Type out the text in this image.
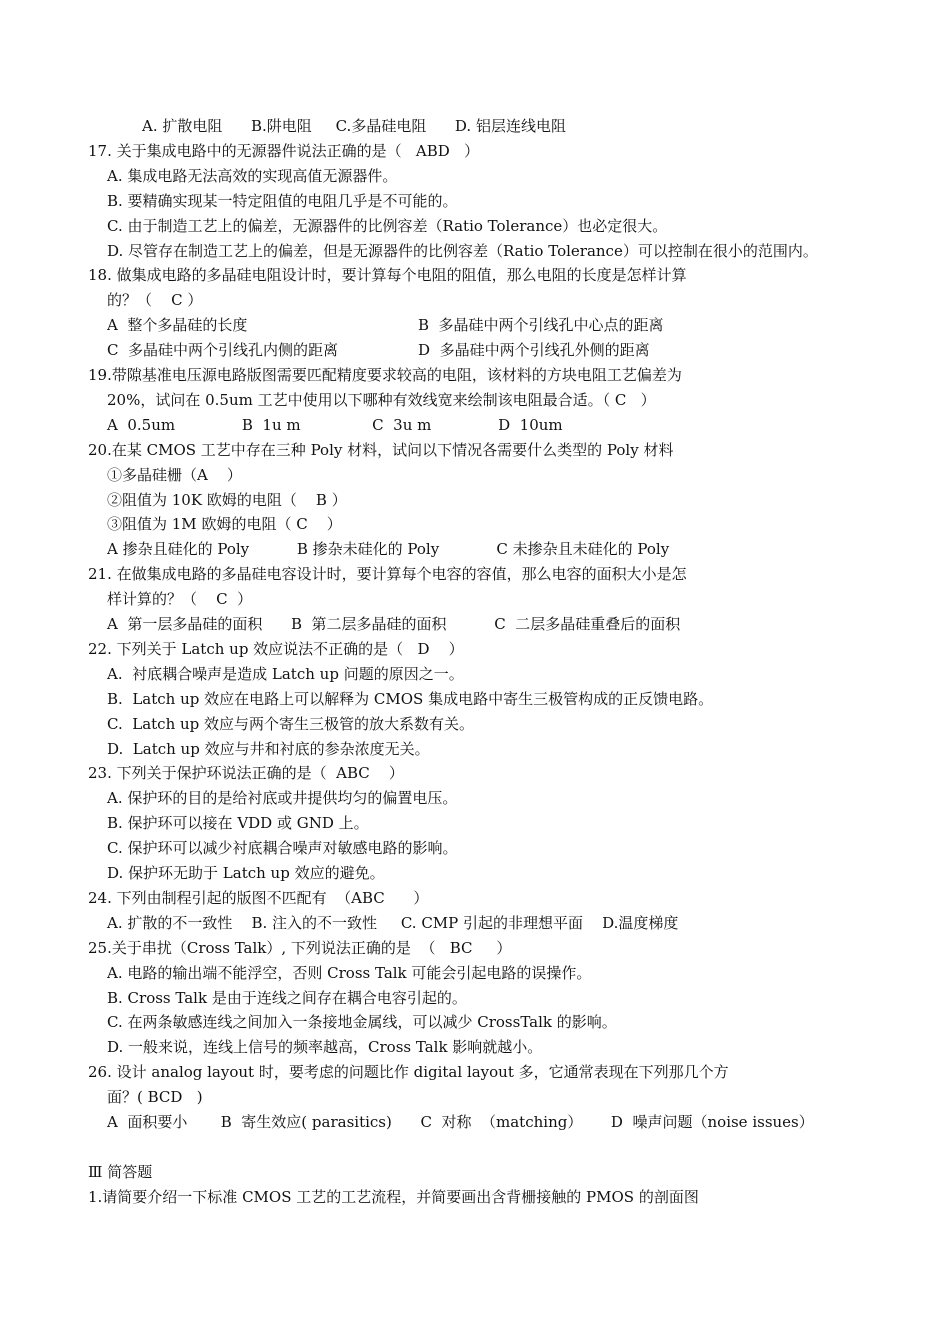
A. 扩散电阻      B.阱电阻     C.多晶硅电阻      D. 铝层连线电阻
17. 关于集成电路中的无源器件说法正确的是（   ABD   ）
A. 集成电路无法高效的实现高值无源器件。
B. 要精确实现某一特定阻值的电阻几乎是不可能的。
C. 由于制造工艺上的偏差，无源器件的比例容差（Ratio Tolerance）也必定很大。
D. 尽管存在制造工艺上的偏差，但是无源器件的比例容差（Ratio Tolerance）可以控制在很小的范围内。
18. 做集成电路的多晶硅电阻设计时，要计算每个电阻的阻值，那么电阻的长度是怎样计算
的？（    C ）
A  整个多晶硅的长度	B  多晶硅中两个引线孔中心点的距离
C  多晶硅中两个引线孔内侧的距离	D  多晶硅中两个引线孔外侧的距离
19.带隙基准电压源电路版图需要匹配精度要求较高的电阻，该材料的方块电阻工艺偏差为
20%，试问在 0.5um 工艺中使用以下哪种有效线宽来绘制该电阻最合适。（ C   ）
A  0.5um              B  1u m               C  3u m              D  10um
20.在某 CMOS 工艺中存在三种 Poly 材料，试问以下情况各需要什么类型的 Poly 材料
①多晶硅栅（A    ）
②阻值为 10K 欧姆的电阻（    B ）
③阻值为 1M 欧姆的电阻（ C    ）
A 掺杂且硅化的 Poly          B 掺杂未硅化的 Poly            C 未掺杂且未硅化的 Poly
21. 在做集成电路的多晶硅电容设计时，要计算每个电容的容值，那么电容的面积大小是怎
样计算的？（    C  ）
A  第一层多晶硅的面积      B  第二层多晶硅的面积          C  二层多晶硅重叠后的面积
22. 下列关于 Latch up 效应说法不正确的是（   D    ）
A.  衬底耦合噪声是造成 Latch up 问题的原因之一。
B.  Latch up 效应在电路上可以解释为 CMOS 集成电路中寄生三极管构成的正反馈电路。
C.  Latch up 效应与两个寄生三极管的放大系数有关。
D.  Latch up 效应与井和衬底的参杂浓度无关。
23. 下列关于保护环说法正确的是（  ABC    ）
A. 保护环的目的是给衬底或井提供均匀的偏置电压。
B. 保护环可以接在 VDD 或 GND 上。
C. 保护环可以减少衬底耦合噪声对敏感电路的影响。
D. 保护环无助于 Latch up 效应的避免。
24. 下列由制程引起的版图不匹配有  （ABC      ）
A. 扩散的不一致性    B. 注入的不一致性     C. CMP 引起的非理想平面    D.温度梯度
25.关于串扰（Cross Talk）, 下列说法正确的是  （   BC     ）
A. 电路的输出端不能浮空，否则 Cross Talk 可能会引起电路的误操作。
B. Cross Talk 是由于连线之间存在耦合电容引起的。
C. 在两条敏感连线之间加入一条接地金属线，可以减少 CrossTalk 的影响。
D. 一般来说，连线上信号的频率越高，Cross Talk 影响就越小。
26. 设计 analog layout 时，要考虑的问题比作 digital layout 多，它通常表现在下列那几个方
面？( BCD   )
A  面积要小       B  寄生效应( parasitics)      C  对称  （matching）      D  噪声问题（noise issues）
Ⅲ 简答题
1.请简要介绍一下标准 CMOS 工艺的工艺流程，并简要画出含背栅接触的 PMOS 的剖面图
